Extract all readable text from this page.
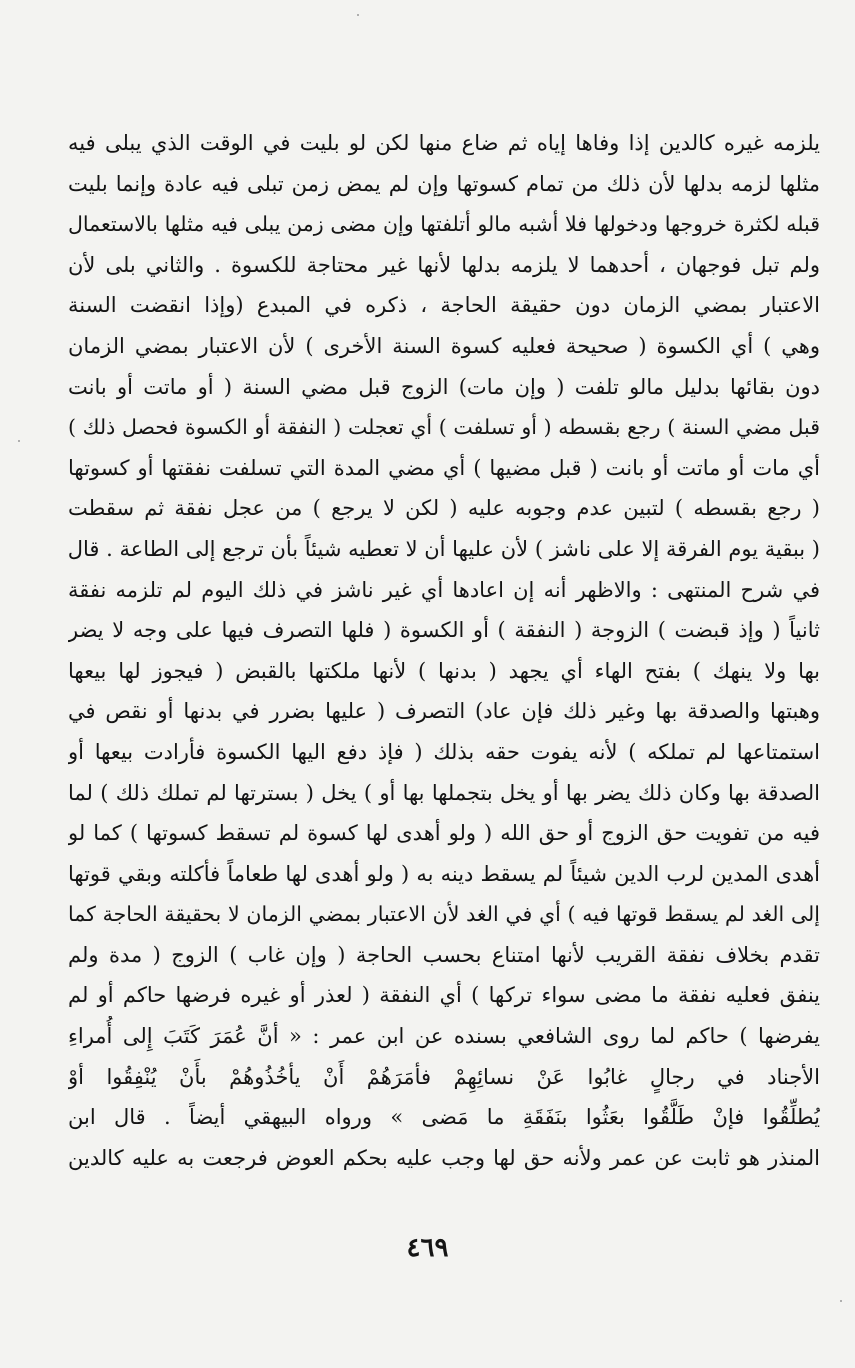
يلزمه غيره كالدين إذا وفاها إياه ثم ضاع منها لكن لو بليت في الوقت الذي يبلى فيه
مثلها لزمه بدلها لأن ذلك من تمام كسوتها وإن لم يمض زمن تبلى فيه عادة وإنما بليت
قبله لكثرة خروجها ودخولها فلا أشبه مالو أتلفتها وإن مضى زمن يبلى فيه مثلها بالاستعمال
ولم تبل فوجهان ، أحدهما لا يلزمه بدلها لأنها غير محتاجة للكسوة . والثاني بلى لأن
الاعتبار بمضي الزمان دون حقيقة الحاجة ، ذكره في المبدع (وإذا انقضت السنة
وهي ) أي الكسوة ( صحيحة فعليه كسوة السنة الأخرى ) لأن الاعتبار بمضي الزمان
دون بقائها بدليل مالو تلفت ( وإن مات) الزوج قبل مضي السنة ( أو ماتت أو بانت
قبل مضي السنة ) رجع بقسطه ( أو تسلفت ) أي تعجلت ( النفقة أو الكسوة فحصل ذلك )
أي مات أو ماتت أو بانت ( قبل مضيها ) أي مضي المدة التي تسلفت نفقتها أو كسوتها
( رجع بقسطه ) لتبين عدم وجوبه عليه ( لكن لا يرجع ) من عجل نفقة ثم سقطت
( ببقية يوم الفرقة إلا على ناشز ) لأن عليها أن لا تعطيه شيئاً بأن ترجع إلى الطاعة . قال
في شرح المنتهى : والاظهر أنه إن اعادها أي غير ناشز في ذلك اليوم لم تلزمه نفقة
ثانياً ( وإذ قبضت ) الزوجة ( النفقة ) أو الكسوة ( فلها التصرف فيها على وجه لا يضر
بها ولا ينهك ) بفتح الهاء أي يجهد ( بدنها ) لأنها ملكتها بالقبض ( فيجوز لها بيعها
وهبتها والصدقة بها وغير ذلك فإن عاد) التصرف ( عليها بضرر في بدنها أو نقص في
استمتاعها لم تملكه ) لأنه يفوت حقه بذلك ( فإذ دفع اليها الكسوة فأرادت بيعها أو
الصدقة بها وكان ذلك يضر بها أو يخل بتجملها بها أو ) يخل ( بسترتها لم تملك ذلك ) لما
فيه من تفويت حق الزوج أو حق الله ( ولو أهدى لها كسوة لم تسقط كسوتها ) كما لو
أهدى المدين لرب الدين شيئاً لم يسقط دينه به ( ولو أهدى لها طعاماً فأكلته وبقي قوتها
إلى الغد لم يسقط قوتها فيه ) أي في الغد لأن الاعتبار بمضي الزمان لا بحقيقة الحاجة كما
تقدم بخلاف نفقة القريب لأنها امتناع بحسب الحاجة ( وإن غاب ) الزوج ( مدة ولم
ينفق فعليه نفقة ما مضى سواء تركها ) أي النفقة ( لعذر أو غيره فرضها حاكم أو لم
يفرضها ) حاكم لما روى الشافعي بسنده عن ابن عمر : « أنَّ عُمَرَ كَتَبَ إِلى أُمراءِ
الأجناد في رجالٍ غابُوا عَنْ نسائِهِمْ فأمَرَهُمْ أَنْ يأخُذُوهُمْ بأَنْ يُنْفِقُوا أوْ
يُطلِّقُوا فإنْ طَلَّقُوا بعَثُوا بنَفَقَةِ ما مَضى » ورواه البيهقي أيضاً . قال ابن
المنذر هو ثابت عن عمر ولأنه حق لها وجب عليه بحكم العوض فرجعت به عليه كالدين
٤٦٩
